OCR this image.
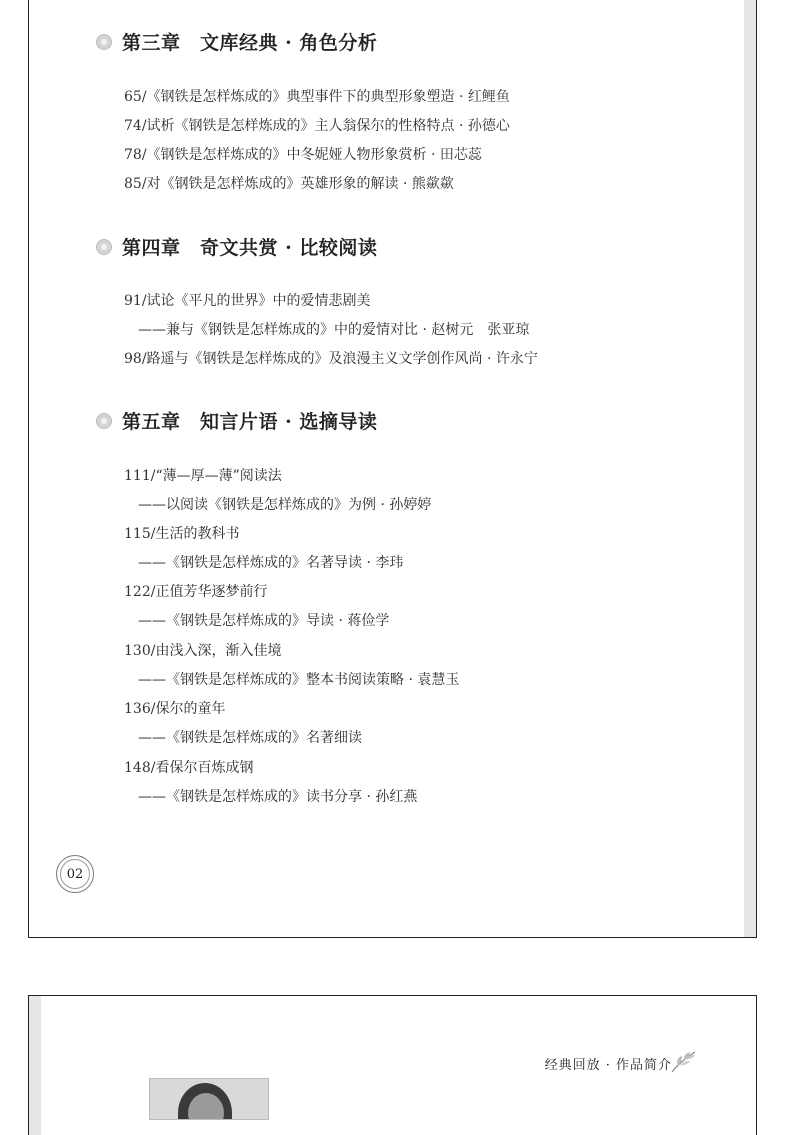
第三章　文库经典 · 角色分析
65/《钢铁是怎样炼成的》典型事件下的典型形象塑造 · 红鲤鱼
74/试析《钢铁是怎样炼成的》主人翁保尔的性格特点 · 孙德心
78/《钢铁是怎样炼成的》中冬妮娅人物形象赏析 · 田芯蕊
85/对《钢铁是怎样炼成的》英雄形象的解读 · 熊歘歘
第四章　奇文共赏 · 比较阅读
91/试论《平凡的世界》中的爱情悲剧美
——兼与《钢铁是怎样炼成的》中的爱情对比 · 赵树元　张亚琼
98/路遥与《钢铁是怎样炼成的》及浪漫主义文学创作风尚 · 许永宁
第五章　知言片语 · 选摘导读
111/“薄—厚—薄”阅读法
——以阅读《钢铁是怎样炼成的》为例 · 孙婷婷
115/生活的教科书
——《钢铁是怎样炼成的》名著导读 · 李玮
122/正值芳华逐梦前行
——《钢铁是怎样炼成的》导读 · 蒋俭学
130/由浅入深，渐入佳境
——《钢铁是怎样炼成的》整本书阅读策略 · 袁慧玉
136/保尔的童年
——《钢铁是怎样炼成的》名著细读
148/看保尔百炼成钢
——《钢铁是怎样炼成的》读书分享 · 孙红燕
02
经典回放 · 作品简介
